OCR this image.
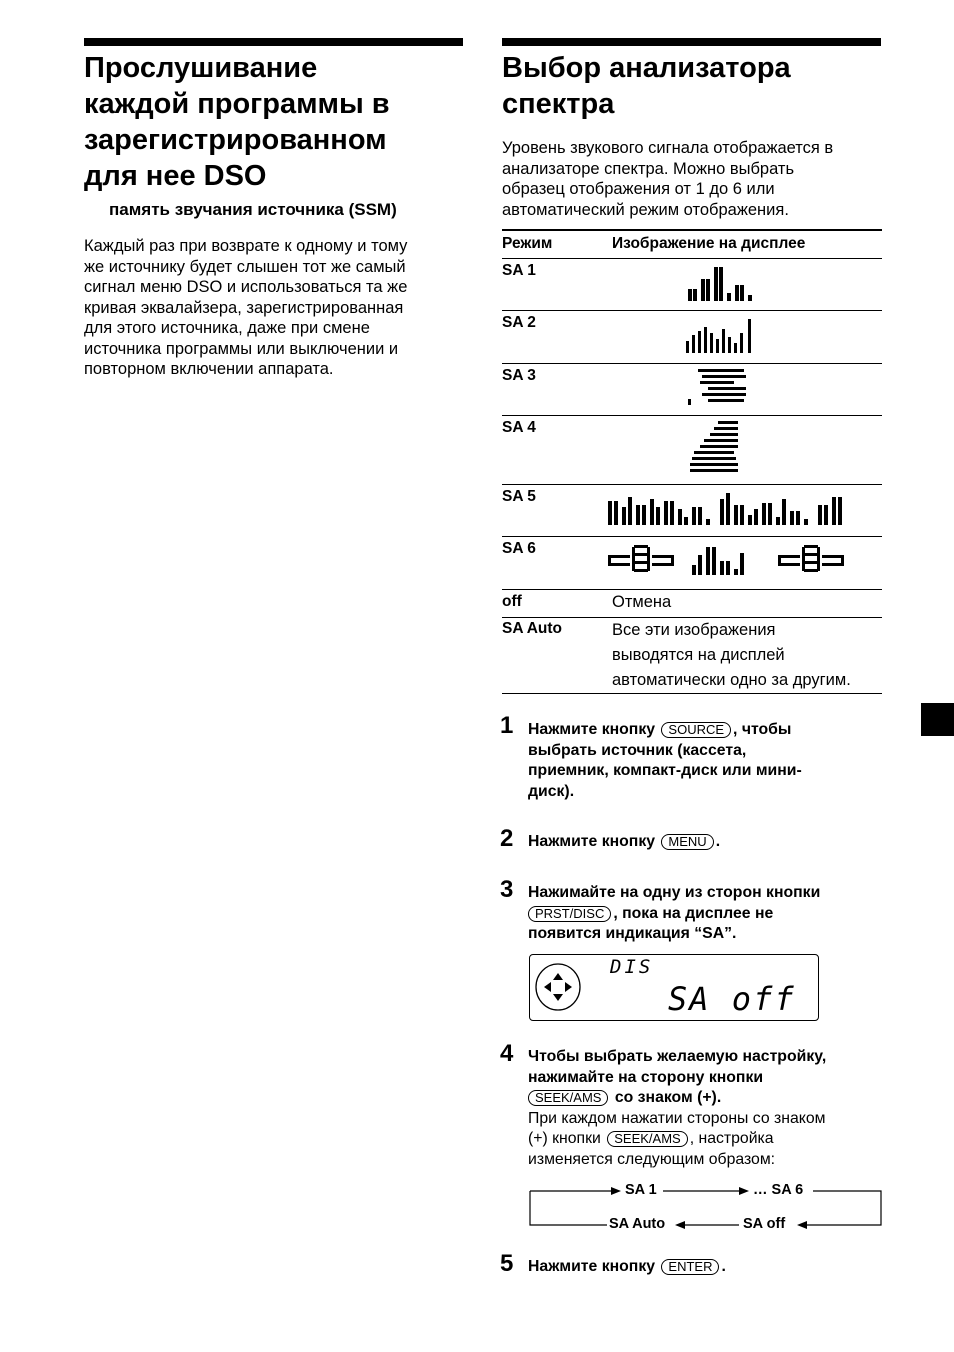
Прослушивание
каждой программы в
зарегистрированном
для нее DSO
память звучания источника (SSM)
Каждый раз при возврате к одному и тому
же источнику будет слышен тот же самый
сигнал меню DSO и использоваться та же
кривая эквалайзера, зарегистрированная
для этого источника, даже при смене
источника программы или выключении и
повторном включении аппарата.
Выбор анализатора
спектра
Уровень звукового сигнала отображается в
анализаторе спектра. Можно выбрать
образец отображения от 1 до 6 или
автоматический режим отображения.
Режим	Изображение на дисплее
SA 1
SA 2
SA 3
SA 4
SA 5
SA 6
off	Отмена
SA Auto	Все эти изображения
выводятся на дисплей
автоматически одно за другим.
1 Нажмите кнопку SOURCE , чтобы
выбрать источник (кассета,
приемник, компакт-диск или мини-
диск).
2 Нажмите кнопку MENU .
3 Нажимайте на одну из сторон кнопки
PRST/DISC , пока на дисплее не
появится индикация “SA”.
DIS
SA off
4 Чтобы выбрать желаемую настройку,
нажимайте на сторону кнопки
SEEK/AMS со знаком (+).
При каждом нажатии стороны со знаком
(+) кнопки SEEK/AMS , настройка
изменяется следующим образом:
SA 1	… SA 6
SA Auto	SA off
5 Нажмите кнопку ENTER .
